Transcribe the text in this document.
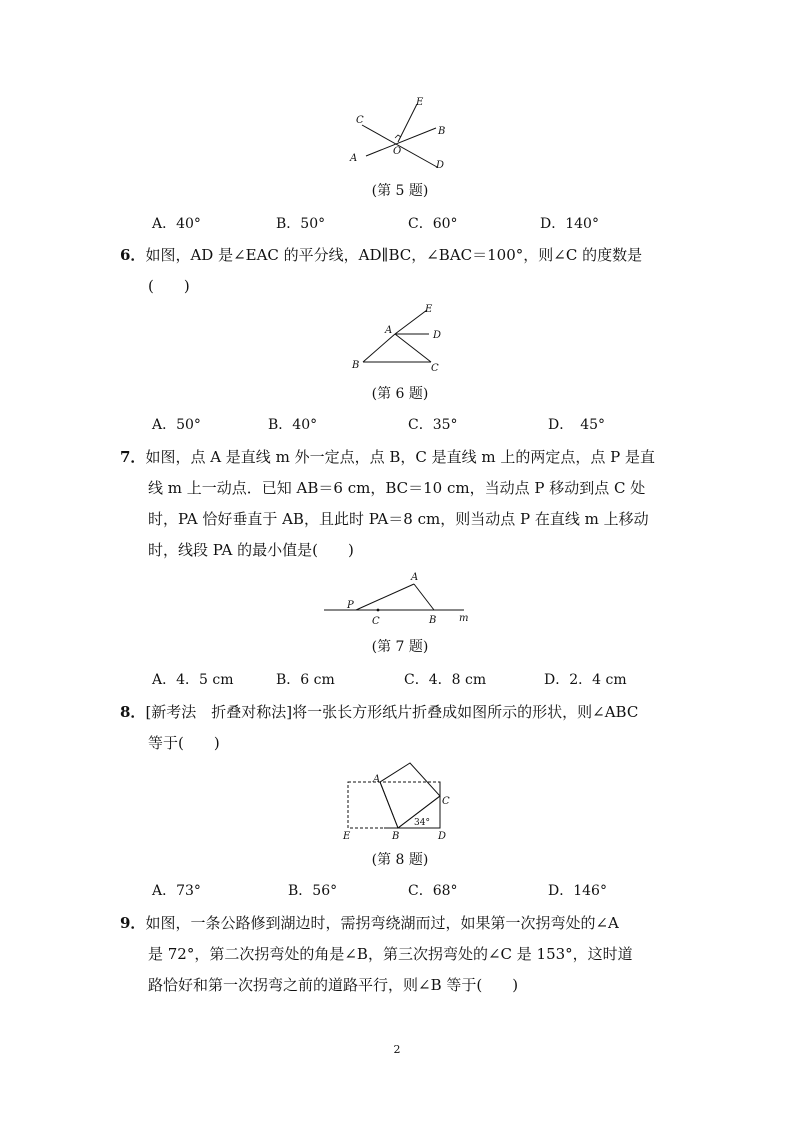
C
E
B
A
O
D
(第 5 题)
A．40°	B．50°	C．60°	D．140°
6．如图，AD 是∠EAC 的平分线，AD∥BC，∠BAC＝100°，则∠C 的度数是
(　　)
A
B	C
D
E
(第 6 题)
A．50°	B．40°	C．35°	D．　45°
7．如图，点 A 是直线 m 外一定点，点 B，C 是直线 m 上的两定点，点 P 是直
线 m 上一动点．已知 AB＝6 cm，BC＝10 cm，当动点 P 移动到点 C 处
时，PA 恰好垂直于 AB，且此时 PA＝8 cm，则当动点 P 在直线 m 上移动
时，线段 PA 的最小值是(　　)
A
P
C	B m
(第 7 题)
A．4．5 cm	B．6 cm	C．4．8 cm	D．2．4 cm
8．[新考法　折叠对称法]将一张长方形纸片折叠成如图所示的形状，则∠ABC
等于(　　)
A
C
E	B	D
34°
(第 8 题)
A．73°	B．56°	C．68°	D．146°
9．如图，一条公路修到湖边时，需拐弯绕湖而过，如果第一次拐弯处的∠A
是 72°，第二次拐弯处的角是∠B，第三次拐弯处的∠C 是 153°，这时道
路恰好和第一次拐弯之前的道路平行，则∠B 等于(　　)
2
